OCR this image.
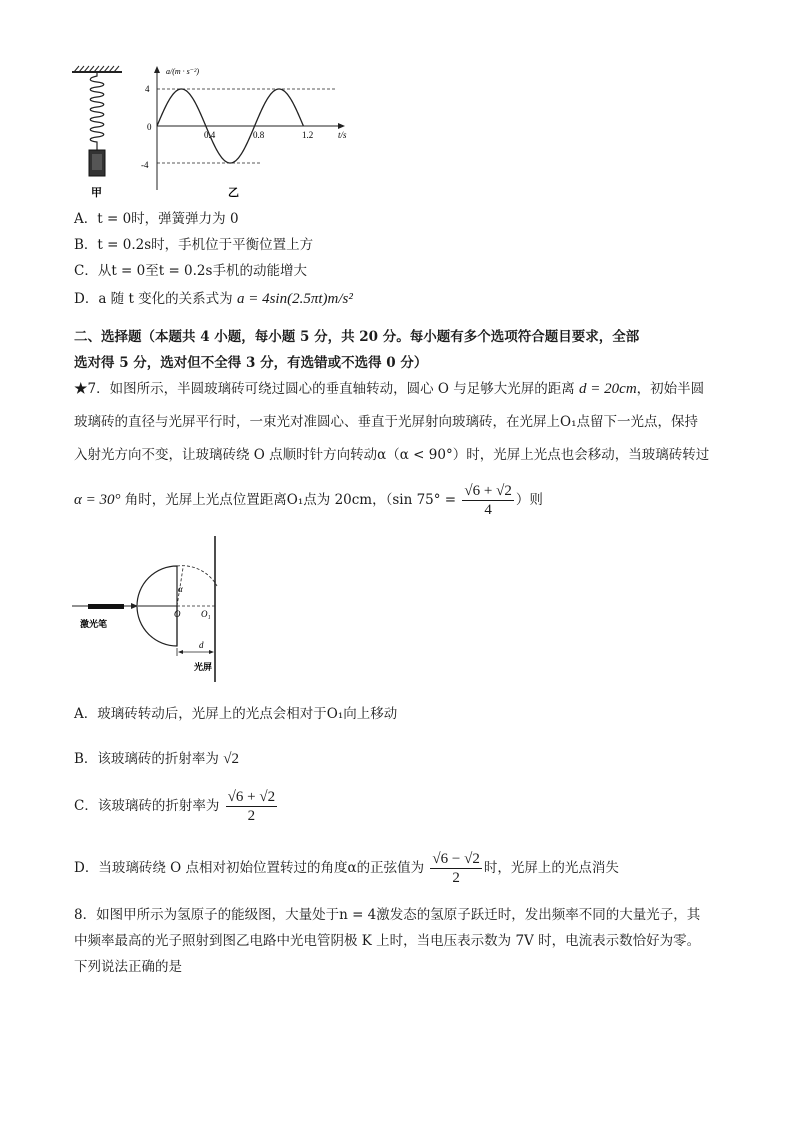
甲
a/(m · s⁻²)
t/s
4
0
-4
0.4	0.8	1.2
乙
A．t = 0时，弹簧弹力为 0
B．t = 0.2s时，手机位于平衡位置上方
C．从t = 0至t = 0.2s手机的动能增大
D．a 随 t 变化的关系式为 a = 4sin(2.5πt)m/s²
二、选择题（本题共 4 小题，每小题 5 分，共 20 分。每小题有多个选项符合题目要求，全部
选对得 5 分，选对但不全得 3 分，有选错或不选得 0 分）
★7．如图所示，半圆玻璃砖可绕过圆心的垂直轴转动，圆心 O 与足够大光屏的距离 d = 20cm，初始半圆
玻璃砖的直径与光屏平行时，一束光对准圆心、垂直于光屏射向玻璃砖，在光屏上O₁点留下一光点，保持
入射光方向不变，让玻璃砖绕 O 点顺时针方向转动α（α < 90°）时，光屏上光点也会移动，当玻璃砖转过
α = 30° 角时，光屏上光点位置距离O₁点为 20cm，（sin $75^\circ = \frac{√6 + √2}{4}$ ）则
激光笔
α
O O₁
d
光屏
A．玻璃砖转动后，光屏上的光点会相对于O₁向上移动
B．该玻璃砖的折射率为 √2
C．该玻璃砖的折射率为 $\frac{√6 + √2}{2}$
D．当玻璃砖绕 O 点相对初始位置转过的角度α的正弦值为 $\frac{√6 - √2}{2}$ 时，光屏上的光点消失
8．如图甲所示为氢原子的能级图，大量处于n = 4激发态的氢原子跃迁时，发出频率不同的大量光子，其
中频率最高的光子照射到图乙电路中光电管阴极 K 上时，当电压表示数为 7V 时，电流表示数恰好为零。
下列说法正确的是
